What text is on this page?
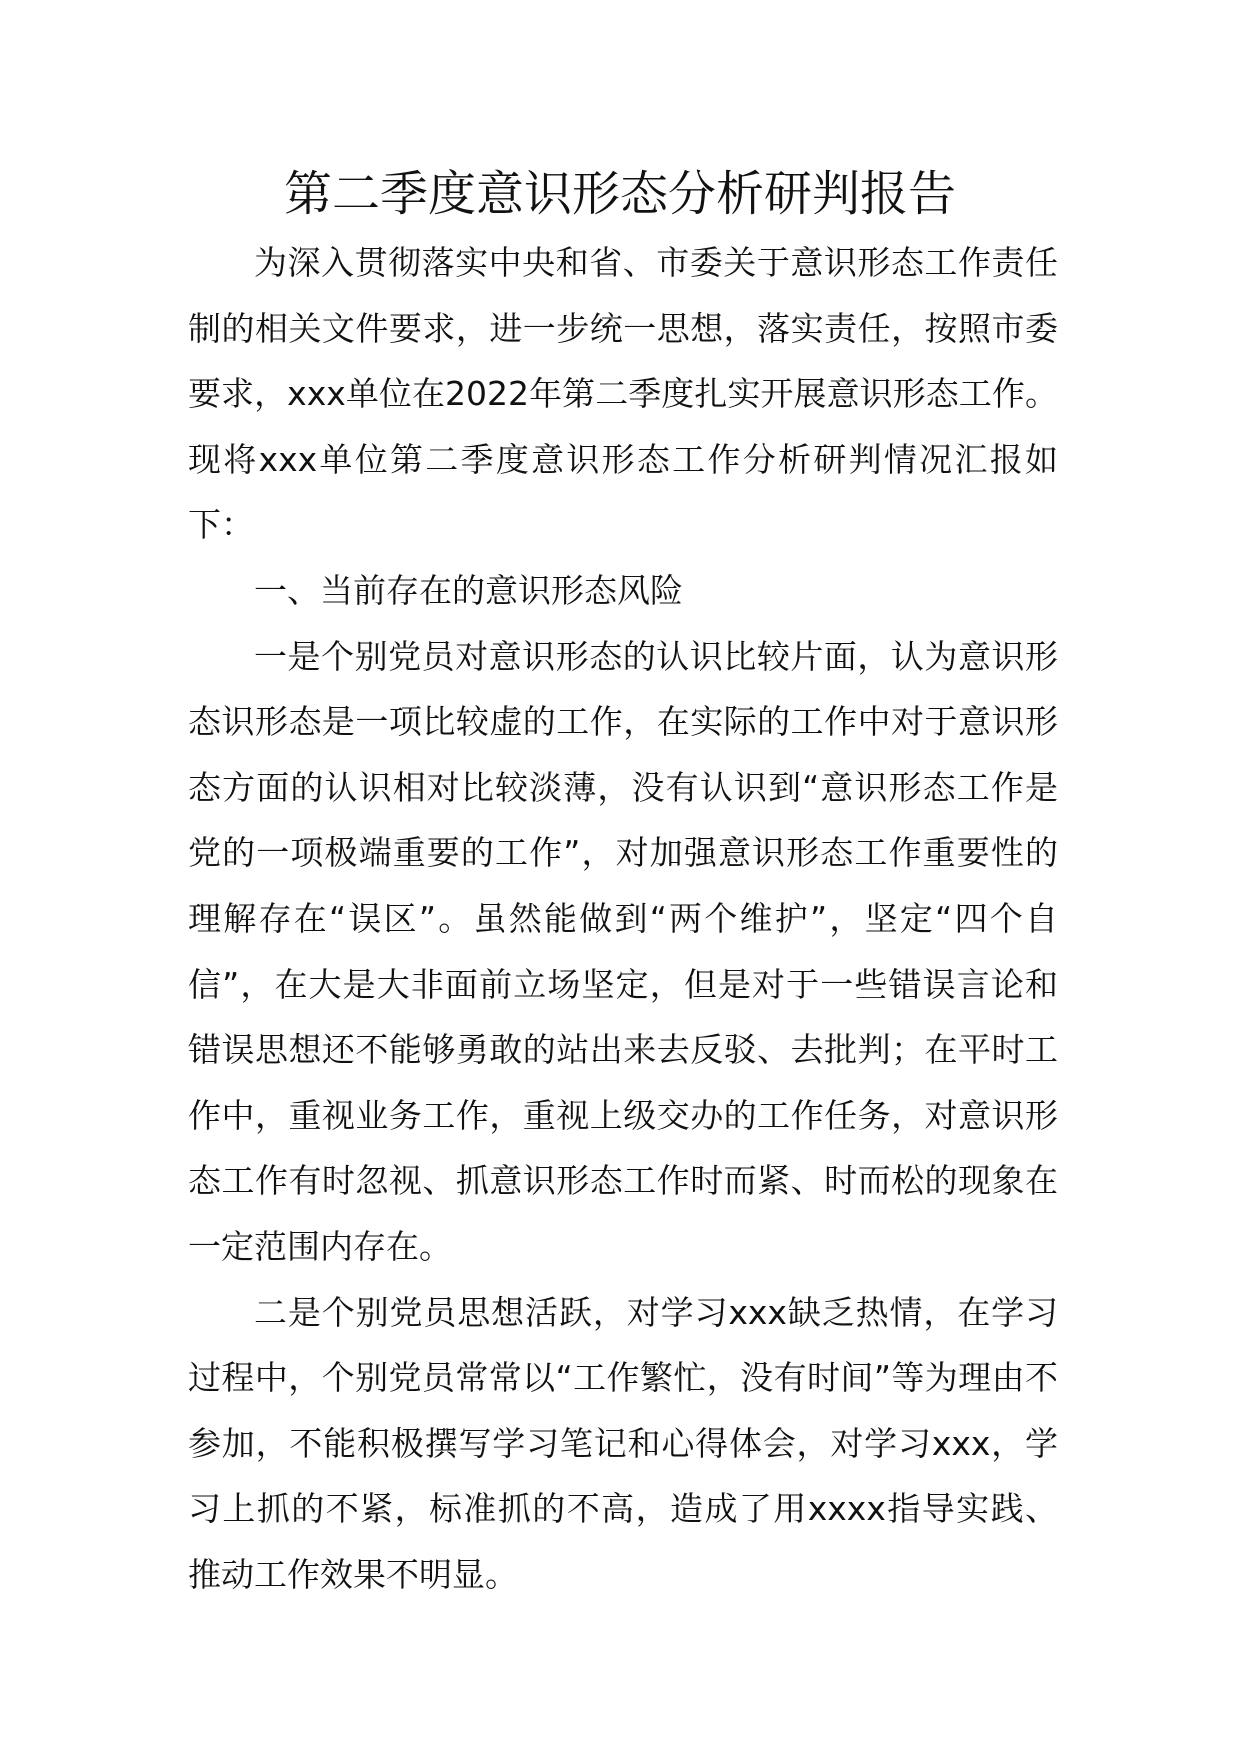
第二季度意识形态分析研判报告

为深入贯彻落实中央和省、市委关于意识形态工作责任制的相关文件要求，进一步统一思想，落实责任，按照市委要求，xxx单位在2022年第二季度扎实开展意识形态工作。现将xxx单位第二季度意识形态工作分析研判情况汇报如下：

一、当前存在的意识形态风险

一是个别党员对意识形态的认识比较片面，认为意识形态识形态是一项比较虚的工作，在实际的工作中对于意识形态方面的认识相对比较淡薄，没有认识到“意识形态工作是党的一项极端重要的工作”，对加强意识形态工作重要性的理解存在“误区”。虽然能做到“两个维护”，坚定“四个自信”，在大是大非面前立场坚定，但是对于一些错误言论和错误思想还不能够勇敢的站出来去反驳、去批判；在平时工作中，重视业务工作，重视上级交办的工作任务，对意识形态工作有时忽视、抓意识形态工作时而紧、时而松的现象在一定范围内存在。

二是个别党员思想活跃，对学习xxx缺乏热情，在学习过程中，个别党员常常以“工作繁忙，没有时间”等为理由不参加，不能积极撰写学习笔记和心得体会，对学习xxx，学习上抓的不紧，标准抓的不高，造成了用xxxx指导实践、推动工作效果不明显。
